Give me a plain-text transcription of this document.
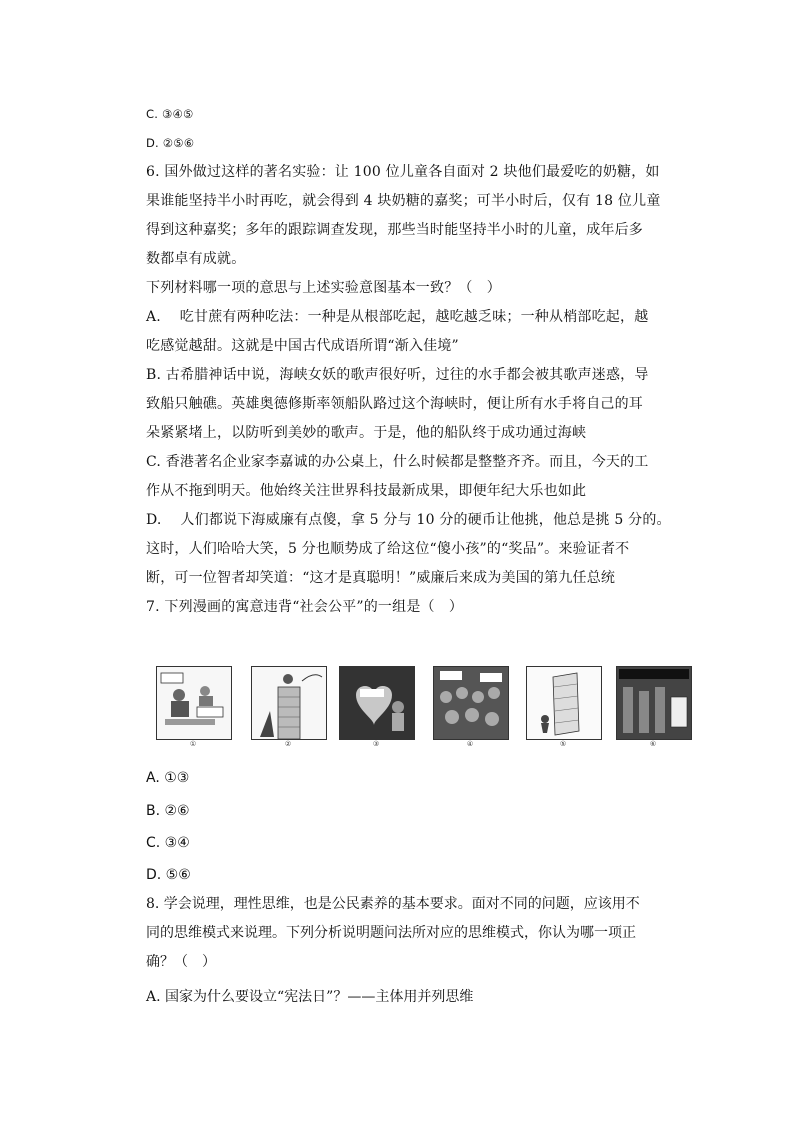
C. ③④⑤
D. ②⑤⑥
6. 国外做过这样的著名实验：让 100 位儿童各自面对 2 块他们最爱吃的奶糖，如
果谁能坚持半小时再吃，就会得到 4 块奶糖的嘉奖；可半小时后，仅有 18 位儿童
得到这种嘉奖；多年的跟踪调查发现，那些当时能坚持半小时的儿童，成年后多
数都卓有成就。
下列材料哪一项的意思与上述实验意图基本一致？（　）
A.　 吃甘蔗有两种吃法：一种是从根部吃起，越吃越乏味；一种从梢部吃起，越
吃感觉越甜。这就是中国古代成语所谓“渐入佳境”
B. 古希腊神话中说，海峡女妖的歌声很好听，过往的水手都会被其歌声迷惑，导
致船只触礁。英雄奥德修斯率领船队路过这个海峡时，便让所有水手将自己的耳
朵紧紧堵上，以防听到美妙的歌声。于是，他的船队终于成功通过海峡
C. 香港著名企业家李嘉诚的办公桌上，什么时候都是整整齐齐。而且，今天的工
作从不拖到明天。他始终关注世界科技最新成果，即便年纪大乐也如此
D.　 人们都说下海威廉有点傻，拿 5 分与 10 分的硬币让他挑，他总是挑 5 分的。
这时，人们哈哈大笑，5 分也顺势成了给这位“傻小孩”的“奖品”。来验证者不
断，可一位智者却笑道：“这才是真聪明！”威廉后来成为美国的第九任总统
7. 下列漫画的寓意违背“社会公平”的一组是（　）
①	②	③	④	⑤	⑥
A. ①③
B. ②⑥
C. ③④
D. ⑤⑥
8. 学会说理，理性思维，也是公民素养的基本要求。面对不同的问题，应该用不
同的思维模式来说理。下列分析说明题问法所对应的思维模式，你认为哪一项正
确？（　）
A. 国家为什么要设立“宪法日”？——主体用并列思维
